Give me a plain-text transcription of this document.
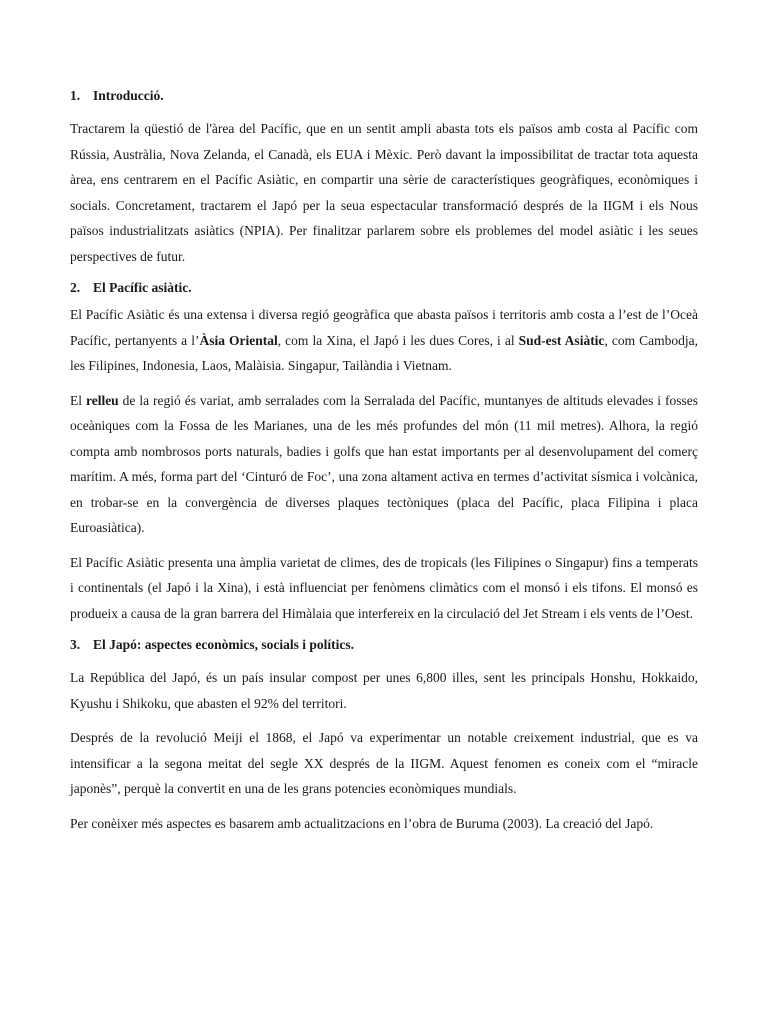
1. Introducció.

Tractarem la qüestió de l'àrea del Pacífic, que en un sentit ampli abasta tots els països amb costa al Pacífic com Rússia, Austràlia, Nova Zelanda, el Canadà, els EUA i Mèxic. Però davant la impossibilitat de tractar tota aquesta àrea, ens centrarem en el Pacífic Asiàtic, en compartir una sèrie de característiques geogràfiques, econòmiques i socials. Concretament, tractarem el Japó per la seua espectacular transformació després de la IIGM i els Nous països industrialitzats asiàtics (NPIA). Per finalitzar parlarem sobre els problemes del model asiàtic i les seues perspectives de futur.

2. El Pacífic asiàtic.

El Pacífic Asiàtic és una extensa i diversa regió geogràfica que abasta països i territoris amb costa a l’est de l’Oceà Pacífic, pertanyents a l’Àsia Oriental, com la Xina, el Japó i les dues Cores, i al Sud-est Asiàtic, com Cambodja, les Filipines, Indonesia, Laos, Malàisia. Singapur, Tailàndia i Vietnam.

El relleu de la regió és variat, amb serralades com la Serralada del Pacífic, muntanyes de altituds elevades i fosses oceàniques com la Fossa de les Marianes, una de les més profundes del món (11 mil metres). Alhora, la regió compta amb nombrosos ports naturals, badies i golfs que han estat importants per al desenvolupament del comerç marítim. A més, forma part del ‘Cinturó de Foc’, una zona altament activa en termes d’activitat sísmica i volcànica, en trobar-se en la convergència de diverses plaques tectòniques (placa del Pacífic, placa Filipina i placa Euroasiàtica).

El Pacífic Asiàtic presenta una àmplia varietat de climes, des de tropicals (les Filipines o Singapur) fins a temperats i continentals (el Japó i la Xina), i està influenciat per fenòmens climàtics com el monsó i els tifons. El monsó es produeix a causa de la gran barrera del Himàlaia que interfereix en la circulació del Jet Stream i els vents de l’Oest.

3. El Japó: aspectes econòmics, socials i polítics.

La República del Japó, és un país insular compost per unes 6,800 illes, sent les principals Honshu, Hokkaido, Kyushu i Shikoku, que abasten el 92% del territori.

Després de la revolució Meiji el 1868, el Japó va experimentar un notable creixement industrial, que es va intensificar a la segona meitat del segle XX després de la IIGM. Aquest fenomen es coneix com el “miracle japonès”, perquè la convertit en una de les grans potencies econòmiques mundials.

Per conèixer més aspectes es basarem amb actualitzacions en l’obra de Buruma (2003). La creació del Japó.
